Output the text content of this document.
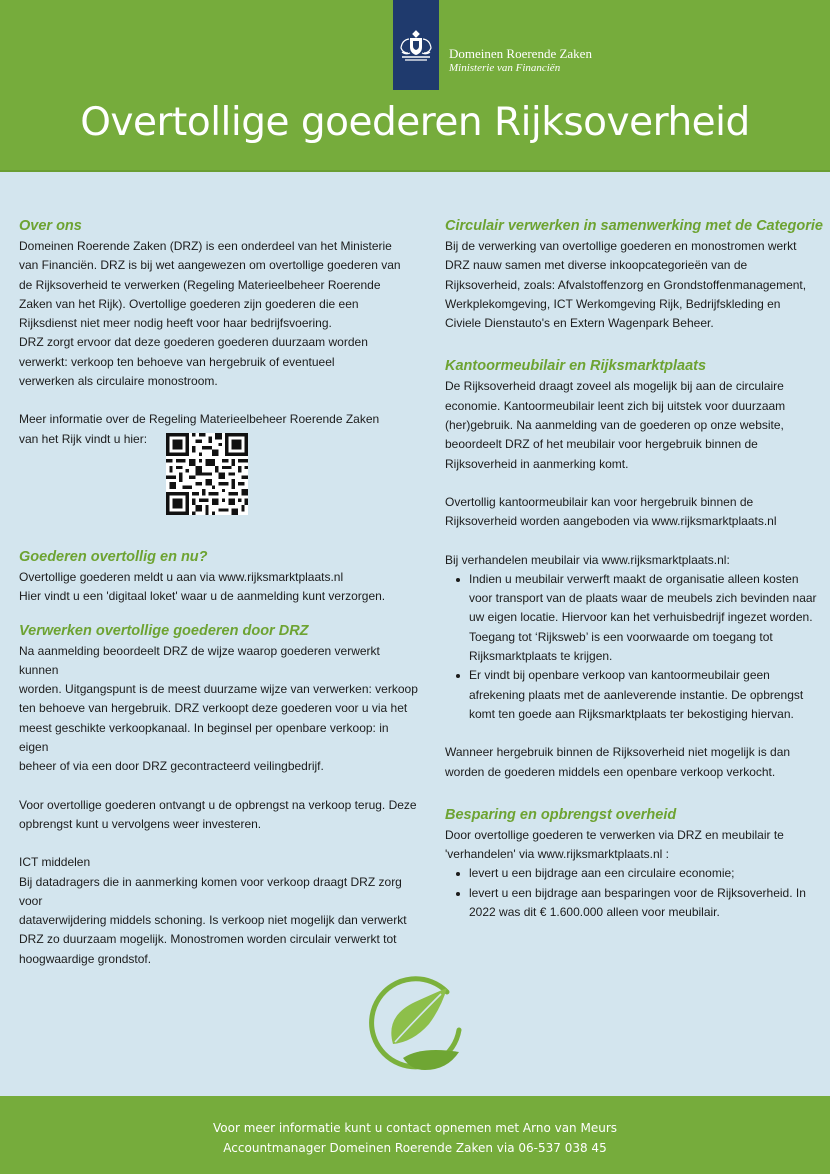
Domeinen Roerende Zaken
Ministerie van Financiën
Overtollige goederen Rijksoverheid
Over ons

Domeinen Roerende Zaken (DRZ) is een onderdeel van het Ministerie

van Financiën. DRZ is bij wet aangewezen om overtollige goederen van

de Rijksoverheid te verwerken (Regeling Materieelbeheer Roerende

Zaken van het Rijk). Overtollige goederen zijn goederen die een

Rijksdienst niet meer nodig heeft voor haar bedrijfsvoering.

DRZ zorgt ervoor dat deze goederen goederen duurzaam worden

verwerkt: verkoop ten behoeve van hergebruik of eventueel

verwerken als circulaire monostroom.

Meer informatie over de Regeling Materieelbeheer Roerende Zaken

van het Rijk vindt u hier:

Goederen overtollig en nu?

Overtollige goederen meldt u aan via www.rijksmarktplaats.nl

Hier vindt u een 'digitaal loket' waar u de aanmelding kunt verzorgen.

Verwerken overtollige goederen door DRZ

Na aanmelding beoordeelt DRZ de wijze waarop goederen verwerkt kunnen

worden. Uitgangspunt is de meest duurzame wijze van verwerken: verkoop

ten behoeve van hergebruik. DRZ verkoopt deze goederen voor u via het

meest geschikte verkoopkanaal. In beginsel per openbare verkoop: in eigen

beheer of via een door DRZ gecontracteerd veilingbedrijf.

Voor overtollige goederen ontvangt u de opbrengst na verkoop terug. Deze

opbrengst kunt u vervolgens weer investeren.

ICT middelen

Bij datadragers die in aanmerking komen voor verkoop draagt DRZ zorg voor

dataverwijdering middels schoning. Is verkoop niet mogelijk dan verwerkt

DRZ zo duurzaam mogelijk. Monostromen worden circulair verwerkt tot

hoogwaardige grondstof.

Circulair verwerken in samenwerking met de Categorie

Bij de verwerking van overtollige goederen en monostromen werkt

DRZ nauw samen met diverse inkoopcategorieën van de

Rijksoverheid, zoals: Afvalstoffenzorg en Grondstoffenmanagement,

Werkplekomgeving, ICT Werkomgeving Rijk, Bedrijfskleding en

Civiele Dienstauto's en Extern Wagenpark Beheer.

Kantoormeubilair en Rijksmarktplaats

De Rijksoverheid draagt zoveel als mogelijk bij aan de circulaire

economie. Kantoormeubilair leent zich bij uitstek voor duurzaam

(her)gebruik. Na aanmelding van de goederen op onze website,

beoordeelt DRZ of het meubilair voor hergebruik binnen de

Rijksoverheid in aanmerking komt.

Overtollig kantoormeubilair kan voor hergebruik binnen de

Rijksoverheid worden aangeboden via www.rijksmarktplaats.nl

Bij verhandelen meubilair via www.rijksmarktplaats.nl:

Indien u meubilair verwerft maakt de organisatie alleen kosten
voor transport van de plaats waar de meubels zich bevinden naar
uw eigen locatie. Hiervoor kan het verhuisbedrijf ingezet worden.
Toegang tot ‘Rijksweb’ is een voorwaarde om toegang tot
Rijksmarktplaats te krijgen.
Er vindt bij openbare verkoop van kantoormeubilair geen
afrekening plaats met de aanleverende instantie. De opbrengst
komt ten goede aan Rijksmarktplaats ter bekostiging hiervan.

Wanneer hergebruik binnen de Rijksoverheid niet mogelijk is dan

worden de goederen middels een openbare verkoop verkocht.

Besparing en opbrengst overheid

Door overtollige goederen te verwerken via DRZ en meubilair te

'verhandelen' via www.rijksmarktplaats.nl :

levert u een bijdrage aan een circulaire economie;
levert u een bijdrage aan besparingen voor de Rijksoverheid. In
2022 was dit € 1.600.000 alleen voor meubilair.

Voor meer informatie kunt u contact opnemen met Arno van Meurs

Accountmanager Domeinen Roerende Zaken via 06-537 038 45
